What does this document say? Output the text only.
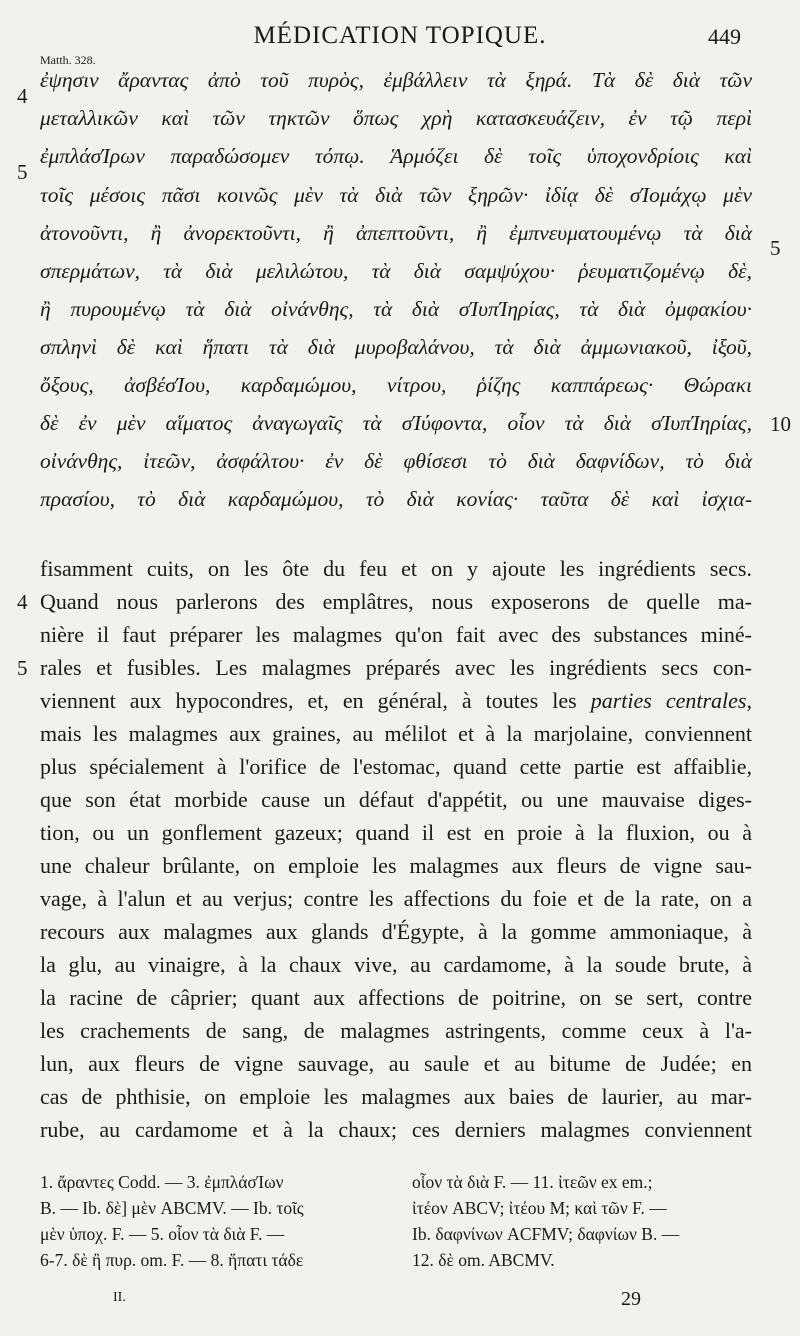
MÉDICATION TOPIQUE.	449
Matth. 328.
ἐψησιν ἄραντας ἀπὸ τοῦ πυρὸς, ἐμβάλλειν τὰ ξηρά. Τὰ δὲ διὰ τῶν
μεταλλικῶν καὶ τῶν τηκτῶν ὅπως χρὴ κατασκευάζειν, ἐν τῷ περὶ
ἐμπλάσΊρων παραδώσομεν τόπῳ. Ἁρμόζει δὲ τοῖς ὑποχονδρίοις καὶ
τοῖς μέσοις πᾶσι κοινῶς μὲν τὰ διὰ τῶν ξηρῶν· ἰδίᾳ δὲ σΊομάχῳ μὲν
ἀτονοῦντι, ἢ ἀνορεκτοῦντι, ἢ ἀπεπτοῦντι, ἢ ἐμπνευματουμένῳ τὰ διὰ
σπερμάτων, τὰ διὰ μελιλώτου, τὰ διὰ σαμψύχου· ῥευματιζομένῳ δὲ,
ἢ πυρουμένῳ τὰ διὰ οἰνάνθης, τὰ διὰ σΊυπΊηρίας, τὰ διὰ ὀμφακίου·
σπληνὶ δὲ καὶ ἥπατι τὰ διὰ μυροβαλάνου, τὰ διὰ ἀμμωνιακοῦ, ἰξοῦ,
ὄξους, ἀσβέσΊου, καρδαμώμου, νίτρου, ῥίζης καππάρεως· Θώρακι
δὲ ἐν μὲν αἵματος ἀναγωγαῖς τὰ σΊύφοντα, οἷον τὰ διὰ σΊυπΊηρίας,
οἰνάνθης, ἰτεῶν, ἀσφάλτου· ἐν δὲ φθίσεσι τὸ διὰ δαφνίδων, τὸ διὰ
πρασίου, τὸ διὰ καρδαμώμου, τὸ διὰ κονίας· ταῦτα δὲ καὶ ἰσχια-
4
5
5
10
fisamment cuits, on les ôte du feu et on y ajoute les ingrédients secs.
Quand nous parlerons des emplâtres, nous exposerons de quelle ma-
nière il faut préparer les malagmes qu'on fait avec des substances miné-
rales et fusibles. Les malagmes préparés avec les ingrédients secs con-
viennent aux hypocondres, et, en général, à toutes les parties centrales,
mais les malagmes aux graines, au mélilot et à la marjolaine, conviennent
plus spécialement à l'orifice de l'estomac, quand cette partie est affaiblie,
que son état morbide cause un défaut d'appétit, ou une mauvaise diges-
tion, ou un gonflement gazeux; quand il est en proie à la fluxion, ou à
une chaleur brûlante, on emploie les malagmes aux fleurs de vigne sau-
vage, à l'alun et au verjus; contre les affections du foie et de la rate, on a
recours aux malagmes aux glands d'Égypte, à la gomme ammoniaque, à
la glu, au vinaigre, à la chaux vive, au cardamome, à la soude brute, à
la racine de câprier; quant aux affections de poitrine, on se sert, contre
les crachements de sang, de malagmes astringents, comme ceux à l'a-
lun, aux fleurs de vigne sauvage, au saule et au bitume de Judée; en
cas de phthisie, on emploie les malagmes aux baies de laurier, au mar-
rube, au cardamome et à la chaux; ces derniers malagmes conviennent
4
5
1. ἄραντες Codd. — 3. ἐμπλάσΊων
B. — Ib. δὲ] μὲν ABCMV. — Ib. τοῖς
μὲν ὑποχ. F. — 5. οἷον τὰ διὰ F. —
6-7. δὲ ἢ πυρ. om. F. — 8. ἥπατι τάδε
οἷον τὰ διὰ F. — 11. ἰτεῶν ex em.;
ἰτέον ABCV; ἰτέου M; καὶ τῶν F. —
Ib. δαφνίνων ACFMV; δαφνίων B. —
12. δὲ om. ABCMV.
II.	29
